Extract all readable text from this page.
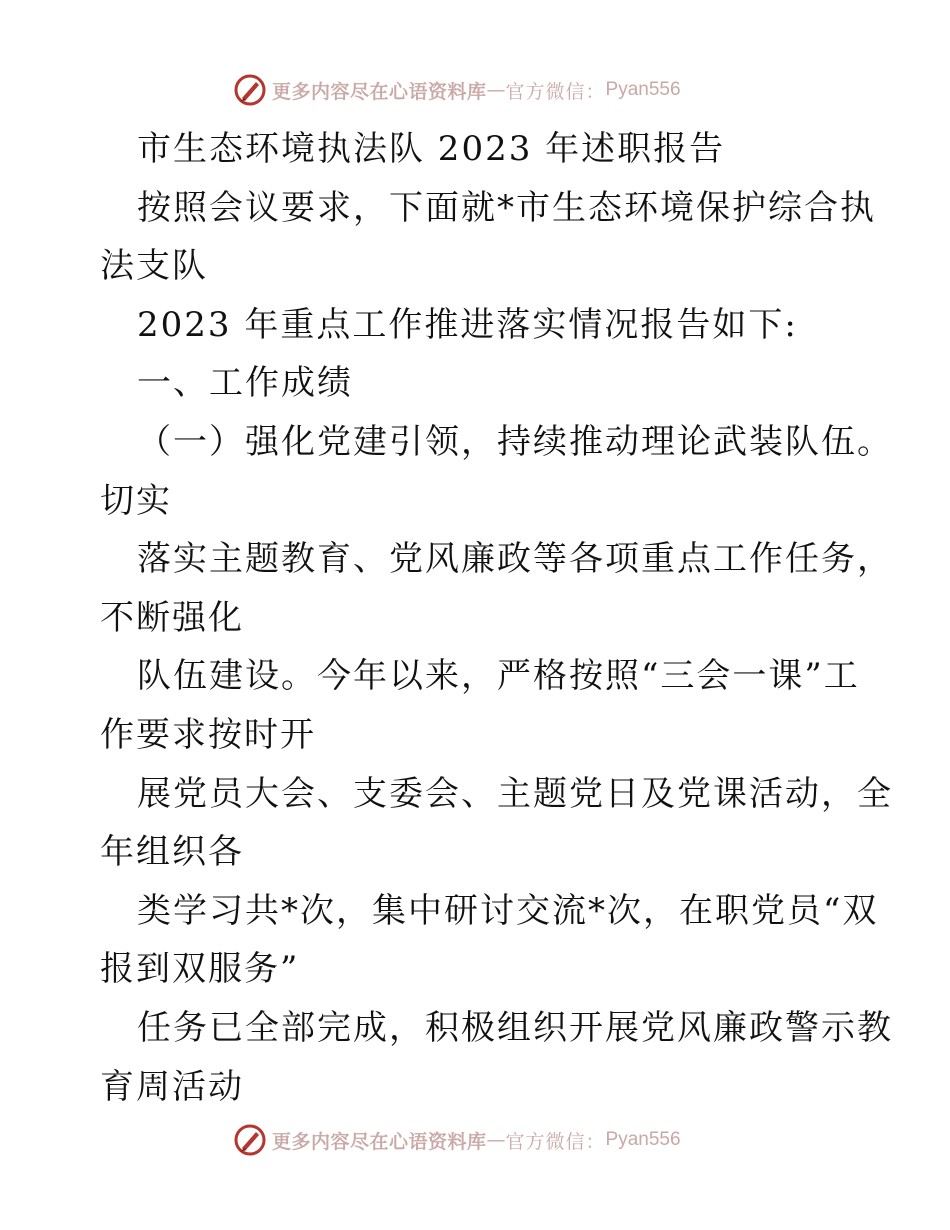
更多内容尽在心语资料库 — 官方微信： Pyan556
市生态环境执法队 2023 年述职报告
按照会议要求，下面就*市生态环境保护综合执
法支队
2023 年重点工作推进落实情况报告如下:
一、工作成绩
（一）强化党建引领，持续推动理论武装队伍。
切实
落实主题教育、党风廉政等各项重点工作任务，
不断强化
队伍建设。今年以来，严格按照“三会一课”工
作要求按时开
展党员大会、支委会、主题党日及党课活动，全
年组织各
类学习共*次，集中研讨交流*次，在职党员“双
报到双服务”
任务已全部完成，积极组织开展党风廉政警示教
育周活动
更多内容尽在心语资料库 — 官方微信： Pyan556
